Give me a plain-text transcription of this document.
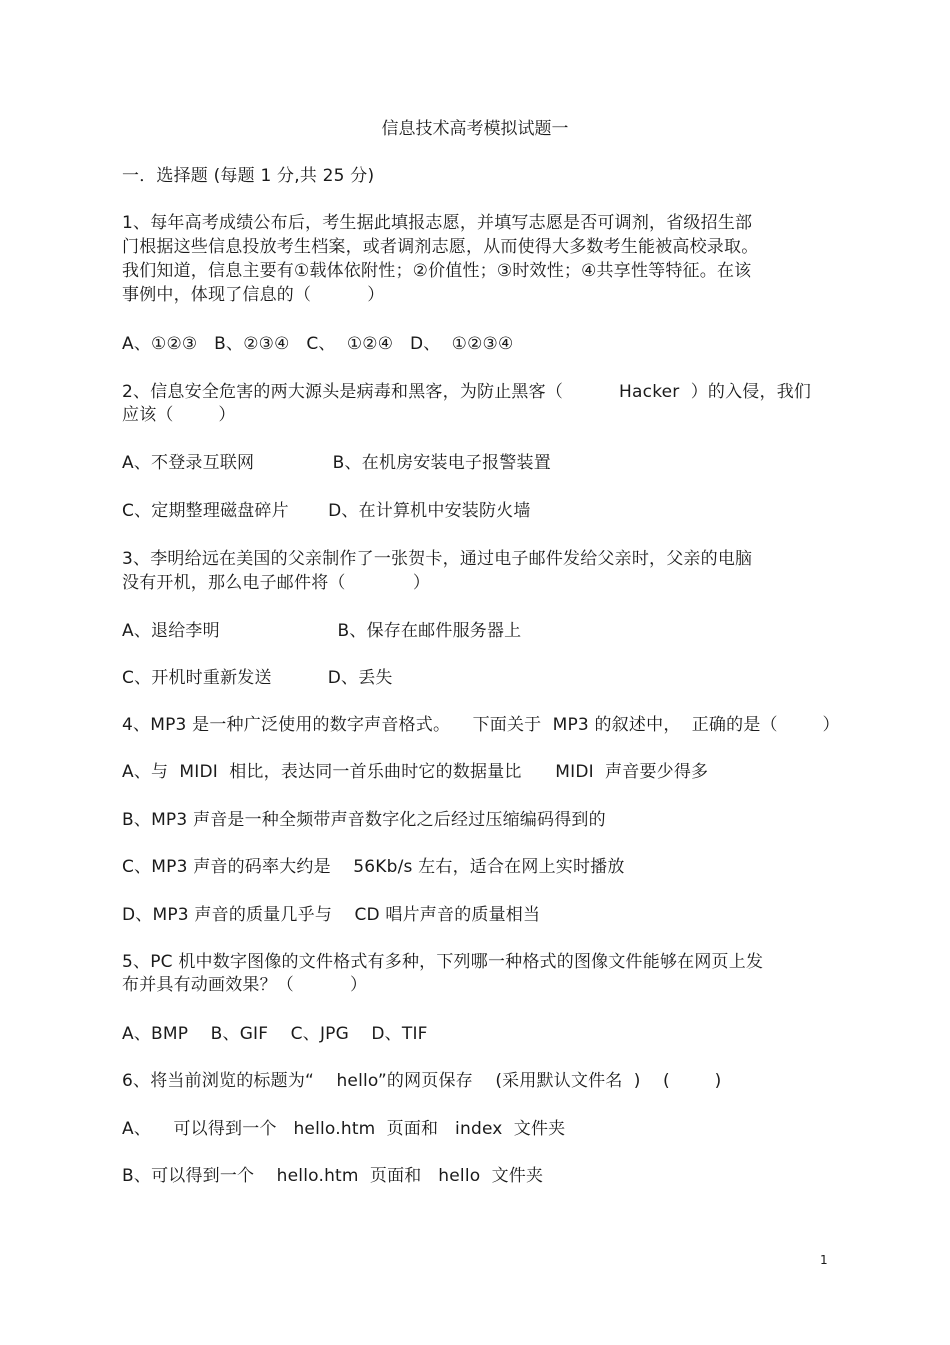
信息技术高考模拟试题一
一．选择题 (每题 1 分,共 25 分)
1、每年高考成绩公布后，考生据此填报志愿，并填写志愿是否可调剂，省级招生部
门根据这些信息投放考生档案，或者调剂志愿，从而使得大多数考生能被高校录取。
我们知道，信息主要有①载体依附性；②价值性；③时效性；④共享性等特征。在该
事例中，体现了信息的（          ）
A、①②③   B、②③④   C、  ①②④   D、  ①②③④
2、信息安全危害的两大源头是病毒和黑客，为防止黑客（          Hacker  ）的入侵，我们
应该（        ）
A、不登录互联网              B、在机房安装电子报警装置
C、定期整理磁盘碎片       D、在计算机中安装防火墙
3、李明给远在美国的父亲制作了一张贺卡，通过电子邮件发给父亲时，父亲的电脑
没有开机，那么电子邮件将（            ）
A、退给李明                     B、保存在邮件服务器上
C、开机时重新发送          D、丢失
4、MP3 是一种广泛使用的数字声音格式。    下面关于  MP3 的叙述中，  正确的是（        ）
A、与  MIDI  相比，表达同一首乐曲时它的数据量比      MIDI  声音要少得多
B、MP3 声音是一种全频带声音数字化之后经过压缩编码得到的
C、MP3 声音的码率大约是    56Kb/s 左右，适合在网上实时播放
D、MP3 声音的质量几乎与    CD 唱片声音的质量相当
5、PC 机中数字图像的文件格式有多种，下列哪一种格式的图像文件能够在网页上发
布并具有动画效果？（          ）
A、BMP    B、GIF    C、JPG    D、TIF
6、将当前浏览的标题为“    hello”的网页保存    (采用默认文件名  )    (        )
A、    可以得到一个   hello.htm  页面和   index  文件夹
B、可以得到一个    hello.htm  页面和   hello  文件夹
1
